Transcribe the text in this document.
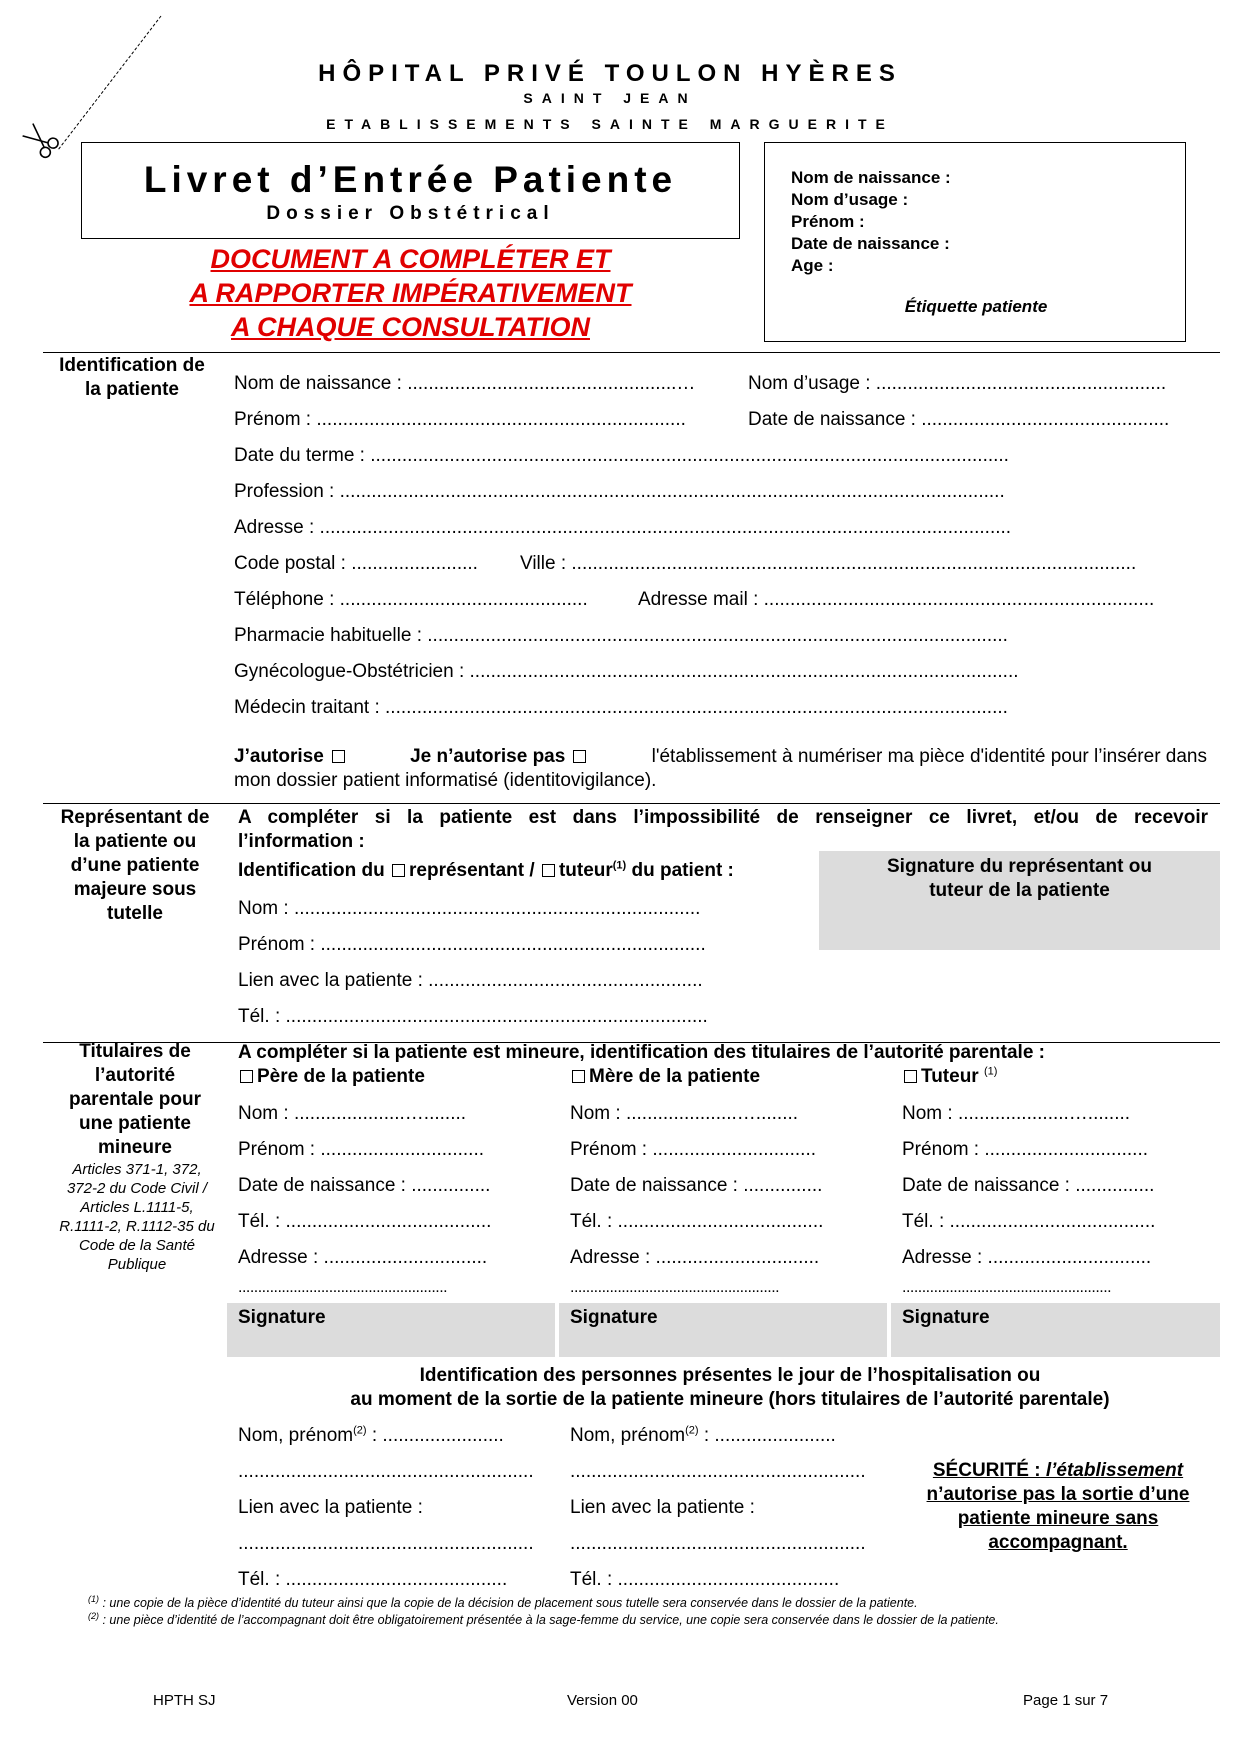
HÔPITAL PRIVÉ TOULON HYÈRES
SAINT JEAN
ETABLISSEMENTS SAINTE MARGUERITE
Livret d’Entrée Patiente
Dossier Obstétrical
DOCUMENT A COMPLÉTER ET
A RAPPORTER IMPÉRATIVEMENT
A CHAQUE CONSULTATION
Nom de naissance :
Nom d’usage :
Prénom :
Date de naissance :
Age :
Étiquette patiente
Identification de la patiente	Nom de naissance : ...................................................…	Nom d’usage : .......................................................
Prénom : ......................................................................	Date de naissance : ...............................................
Date du terme : .........................................................................................................................
Profession : ..............................................................................................................................
Adresse : ...................................................................................................................................
Code postal : ........................ Ville : ...........................................................................................................
Téléphone : ...............................................	Adresse mail : ..........................................................................
Pharmacie habituelle : ..............................................................................................................
Gynécologue-Obstétricien : ........................................................................................................
Médecin traitant : ......................................................................................................................
J’autorise	Je n’autorise pas	l'établissement à numériser ma pièce d'identité pour l’insérer dans
mon dossier patient informatisé (identitovigilance).
Représentant de la patiente ou d’une patiente majeure sous tutelle
A compléter si la patiente est dans l’impossibilité de renseigner ce livret, et/ou de recevoir
l’information :
Identification du représentant / tuteur$^{(1)}$ du patient :	Signature du représentant ou tuteur de la patiente
Nom : .............................................................................
Prénom : .........................................................................
Lien avec la patiente : ....................................................
Tél. : ................................................................................
Titulaires de l’autorité parentale pour une patiente mineure
Articles 371-1, 372, 372-2 du Code Civil / Articles L.1111-5, R.1111-2, R.1112-35 du Code de la Santé Publique
A compléter si la patiente est mineure, identification des titulaires de l’autorité parentale :
Père de la patiente
Nom : .....................…........
Prénom : ...............................
Date de naissance : ...............
Tél. : .......................................
Adresse : ...............................
.....................................................
Signature
Mère de la patiente
Nom : .....................…........
Prénom : ...............................
Date de naissance : ...............
Tél. : .......................................
Adresse : ...............................
.....................................................
Signature
Tuteur $^{(1)}$
Nom : .....................…........
Prénom : ...............................
Date de naissance : ...............
Tél. : .......................................
Adresse : ...............................
.....................................................
Signature
Identification des personnes présentes le jour de l’hospitalisation ou
au moment de la sortie de la patiente mineure (hors titulaires de l’autorité parentale)
Nom, prénom$^{(2)}$ : .......................
........................................................
Lien avec la patiente :
........................................................
Tél. : ..........................................
Nom, prénom$^{(2)}$ : .......................
........................................................
Lien avec la patiente :
........................................................
Tél. : ..........................................
SÉCURITÉ : l’établissement
n’autorise pas la sortie d’une
patiente mineure sans
accompagnant.
$^{(1)}$ : une copie de la pièce d’identité du tuteur ainsi que la copie de la décision de placement sous tutelle sera conservée dans le dossier de la patiente.
$^{(2)}$ : une pièce d’identité de l’accompagnant doit être obligatoirement présentée à la sage-femme du service, une copie sera conservée dans le dossier de la patiente.
HPTH SJ	Version 00	Page 1 sur 7
